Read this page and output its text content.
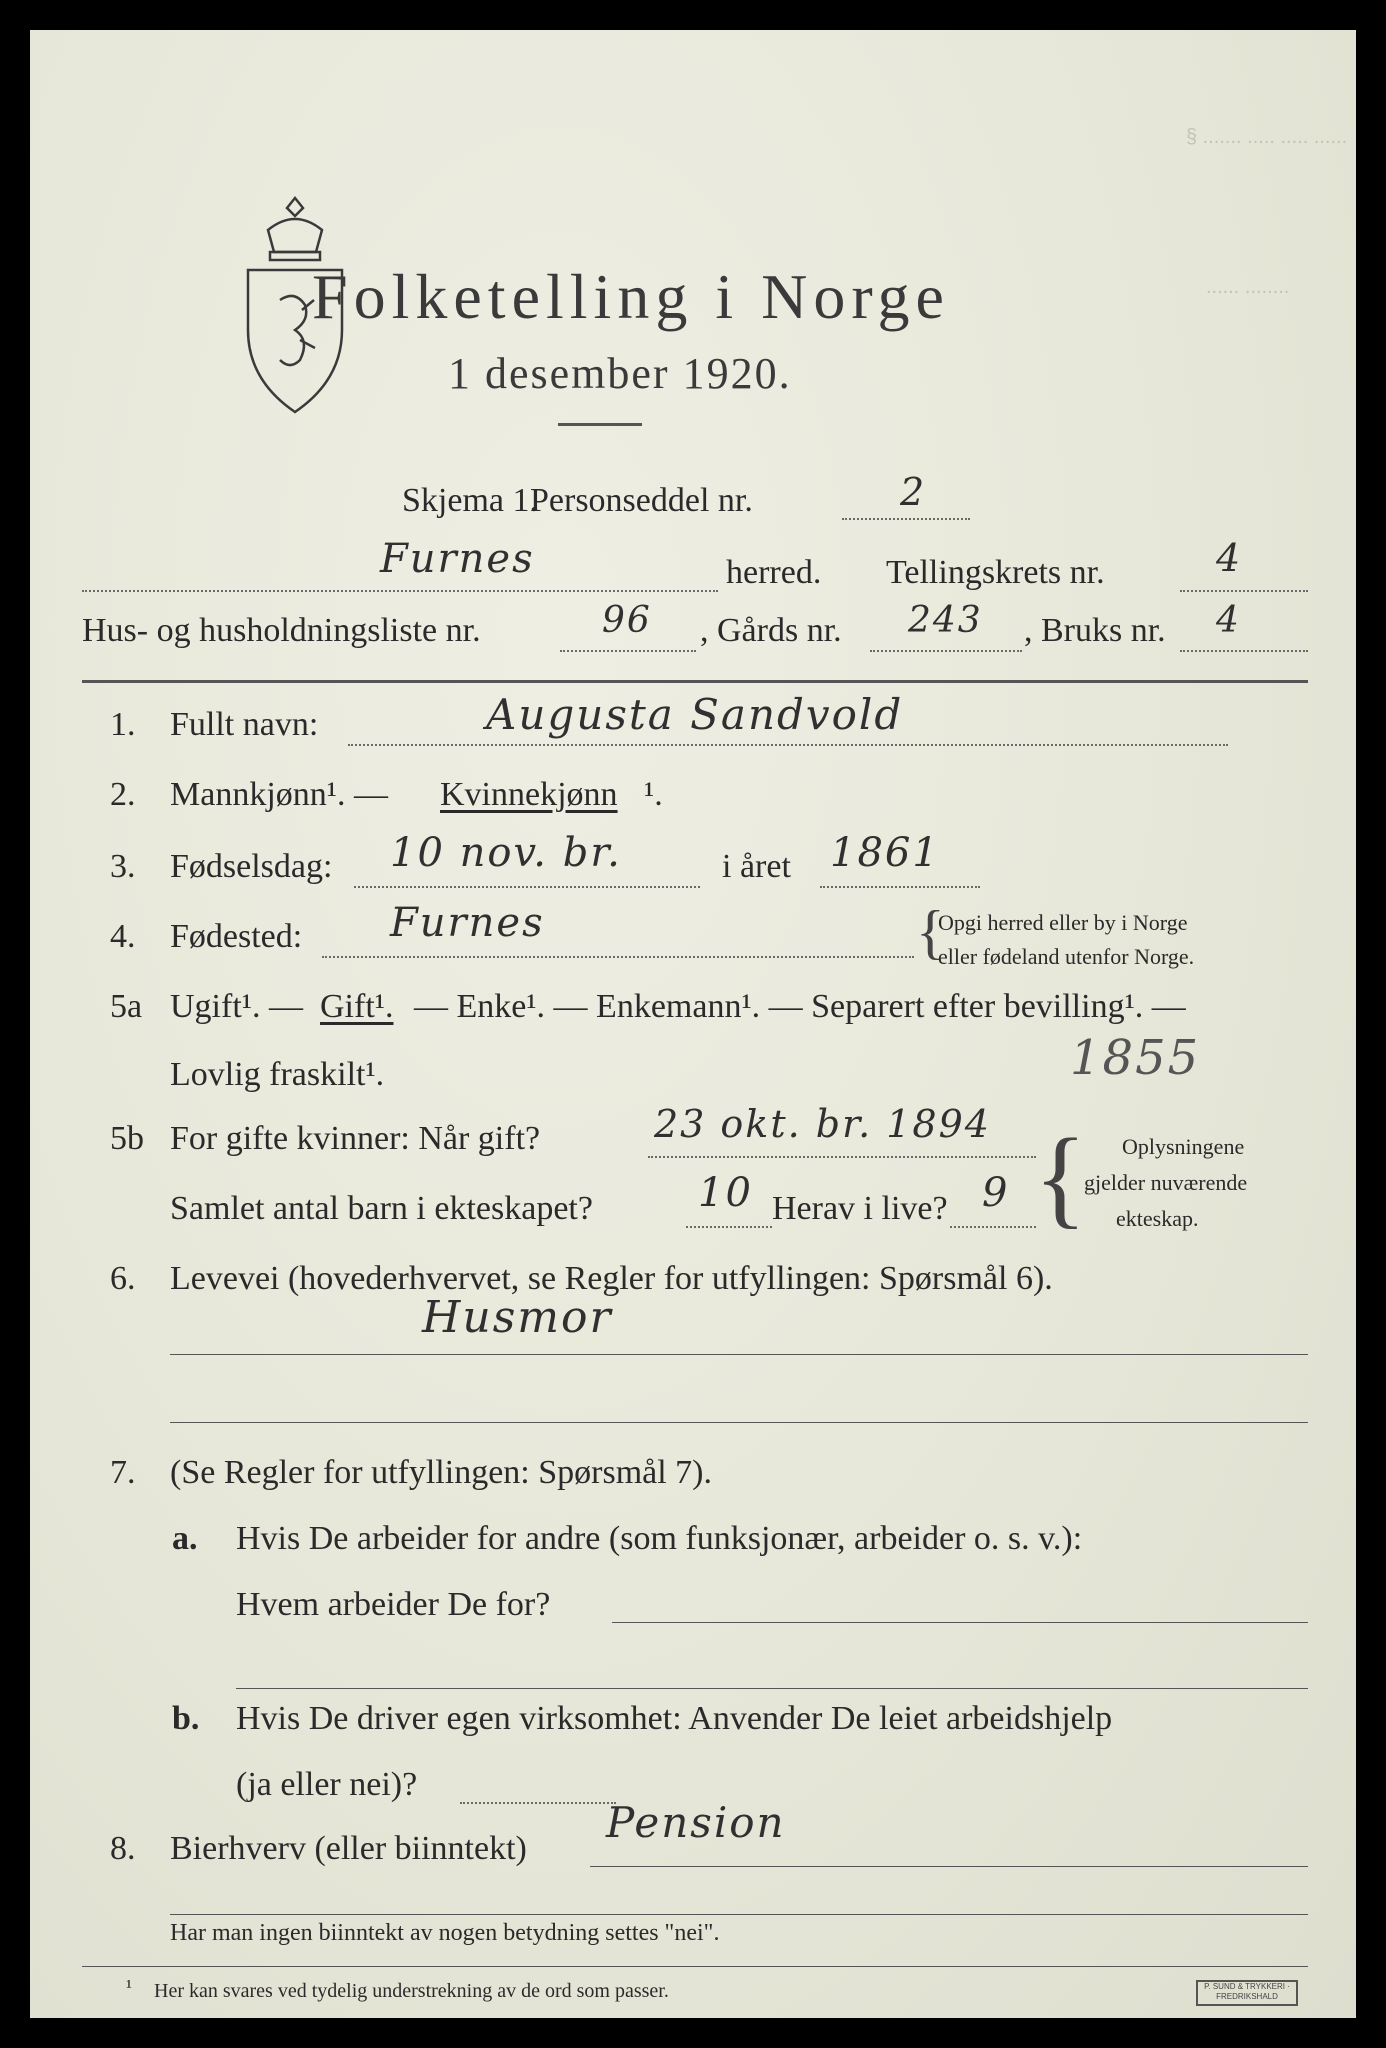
Folketelling i Norge
1 desember 1920.
§ ....... ..... ..... ......
...... ........
Skjema 1.
Personseddel nr.	2
Furnes	herred. Tellingskrets nr.	4
Hus- og husholdningsliste nr.	96 , Gårds nr. 243 , Bruks nr. 4
1. Fullt navn:	Augusta Sandvold
2. Mannkjønn¹. — Kvinnekjønn ¹.
3. Fødselsdag: 10 nov. br.	i året 1861
4. Fødested: Furnes	{
Opgi herred eller by i Norge
eller fødeland utenfor Norge.
5a Ugift¹. — Gift¹. — Enke¹. — Enkemann¹. — Separert efter bevilling¹. —
Lovlig fraskilt¹.	1855
5b For gifte kvinner: Når gift?	23 okt. br. 1894
Samlet antal barn i ekteskapet?	10 Herav i live? 9 { Oplysningene
gjelder nuværende
ekteskap.
6. Levevei (hovederhvervet, se Regler for utfyllingen: Spørsmål 6).
Husmor
7. (Se Regler for utfyllingen: Spørsmål 7).
a. Hvis De arbeider for andre (som funksjonær, arbeider o. s. v.):
Hvem arbeider De for?
b. Hvis De driver egen virksomhet: Anvender De leiet arbeidshjelp
(ja eller nei)?
8. Bierhverv (eller biinntekt)
Pension
Har man ingen biinntekt av nogen betydning settes "nei".
¹ Her kan svares ved tydelig understrekning av de ord som passer.	P. SUND & TRYKKERI · FREDRIKSHALD
